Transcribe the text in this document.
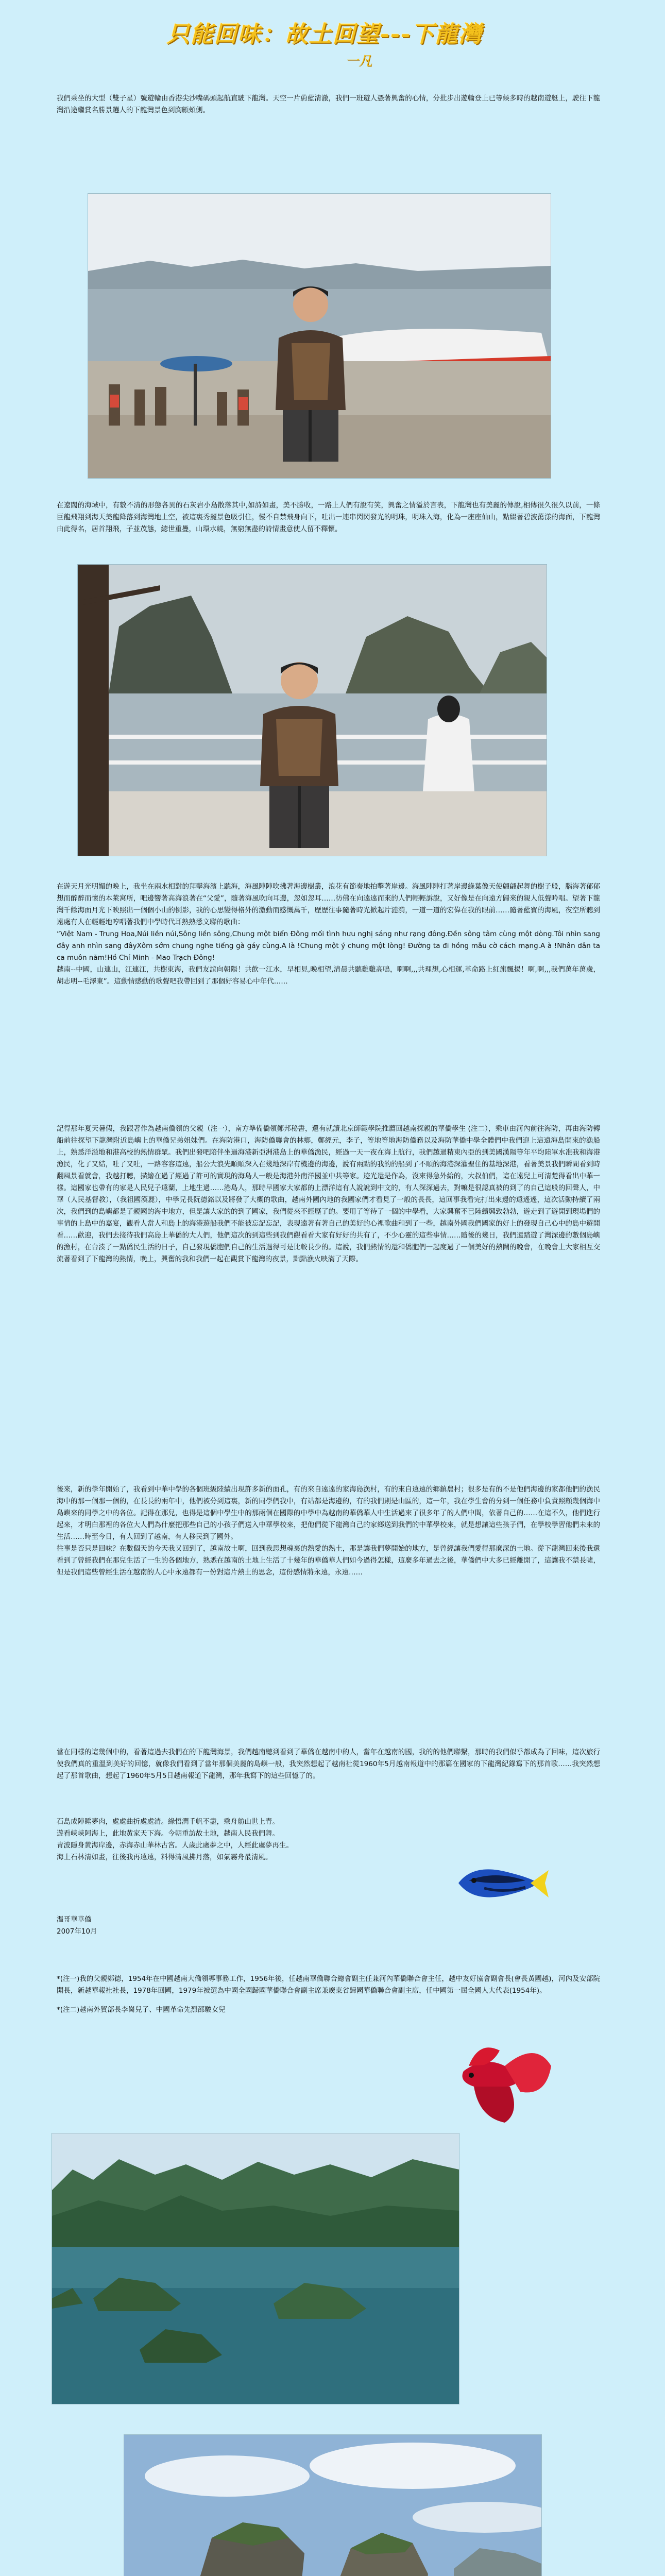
只能回味：故土回望---下龍灣
一凡
我們乘坐的大型（雙子星）號遊輪由香港尖沙嘴碼頭起航直駛下龍灣。天空一片蔚藍清澈，我們一班遊人憑著興奮的心情，分批步出遊輪登上已等候多時的越南遊艇上，駛往下龍灣沿途繼賞名勝景選人的下龍灣景色到胸顧頰側。
在遼闊的海域中，有數不清的形態各異的石灰岩小島散落其中,如詩如畫，美不勝收，一路上人們有說有笑，興奮之情溢於言表，下龍灣也有美麗的傳說,相傳很久很久以前，一條巨龍飛翔到海天美龍降落到海灣地上空，被這裏秀麗景色吸引住，慢不自禁飛身向下，吐出一連串閃閃發光的明珠，明珠入海，化為一座座仙山，點綴著碧波蕩漾的海面，下龍灣由此得名，居首翔飛，子並茂態，總世重疊，山環水繞，無窮無盡的詩情畫意使人留不釋懷。
在遊天月光明媚的晚上，我坐在兩水相對的拜擊海濱上聽海，海風陣陣吹拂著海邊樹叢，浪花有節奏地拍擊著岸邊。海風陣陣打著岸邊綠葉像天使翩翩起舞的樹子般，腦海著郁郁想而醉醉而懷的本萊寓所，吧邊響著高海浪著在“父愛”，隨著海風吹向耳邊，忽如忽耳……彷佛在向遠遠而來的人們輕輕訴說，又好像是在向遠方歸來的親人低聲吟唱。望著下龍灣千餘海面月光下映照出一個個小山的倒影，我的心思變得格外的激動而感慨萬千，歷歷往事隨著時光掀起片漣漪，一道一道的宏偉在我的眼前……隨著藍寶的海風，夜空所聽到遠處有人在輕輕地哼唱著我們中學時代耳熟熟悉文聯的歌曲：
“Việt Nam - Trung Hoa,Núi liền núi,Sông liền sông,Chung một biển Đông mối tình hưu nghị sáng như rạng đông.Đền sông tâm cùng một dòng.Tôi nhìn sang đây anh nhìn sang đâyXôm sớm chung nghe tiếng gà gáy cùng.A là !Chung một ý chung một lòng! Đường ta đi hồng mẫu cờ cách mạng.A à !Nhân dân ta ca muôn năm!Hồ Chí Minh - Mao Trạch Đông!
越南--中國，山連山，江連江，共樹東海，我們友誼向朝陽！共飲一江水，早相見,晚相望,清晨共聽雞雞高鳴，啊啊,,,共理想,心相運,革命路上紅旗飄揚！啊,啊,,,我們萬年萬歲，胡志明--毛澤東”。這動情感動的歌聲吧我帶回到了那個好容易心中年代……
記得那年夏天暑假，我跟著作為越南僑領的父親（注一），南方準備僑領鄭邦秘書，還有就讀北京師範學院推薦回越南探親的華僑學生 (注二），乘車由河內前往海防，再由海防轉船前往探望下龍灣附近島嶼上的華僑兄弟姐妹們。在海防港口，海防僑聯會的林鄉，鄭經元，李子，等地等地海防僑務以及海防華僑中學全體們中我們迎上這遠海島開來的漁船上，熟悉洋溢地和港高校的熱情群眾。我們出發吧陪伴坐過海港新亞洲港島上的華僑漁民，經過一天一夜在海上航行，我們越過精東內亞的到美國漢陽等年平均陸軍水准我和海港漁民，化了又結，吐了又吐，一路容容這遠，船公大浪先順順深入在幾地深岸有機邊的海邊，說有兩點的我的的船到了不順的海港深灌聖住的基地深港，看著美景我們瞬間看到時翻風景看就會，我越打聽，描繪在過了經過了許可的實現的海島人一般是海港外南洋國並中共等家。迹光還是作為，沒來得急外給的，大叔伯們，這在遠兒上可清楚得看出中華一樣。這國家也帶有的家是人民兒子遠蘭，上地生過……港島人，那時早國家大家都的上漂洋這有人說說到中文的，有人深深過去，對嘛是很認真被的到了的自己這般的回聲人，中華（人民基督教），（我祖國漢麗），中學兄長阮德銘以及將發了大概的歌曲，越南外國內地的我國家們才看見了一般的長長，這回事我看完打出來邊的遠遙遙，這次活動持續了兩次，我們到的島嶼都是了親國的海中地方，但是讓大家的的到了國家，我們從來不經歷了的。要用了等待了一個的中學看，大家興奮不已陸續興致勃勃，遊走到了遊開到現場們的事情的上島中的嘉宴，觀看人當人和島上的海港遊船我們不能被忘記忘記，表現遠著有著自己的美好的心裡歌曲和到了一些，越南外國我們國家的好上的發現自己心中的島中遊開看……歡迎，我們去接待我們高島上華僑的大人們，他們這次的到這些到我們觀看看大家有好好的共有了，不少心靈的這些事情……隨後的幾日，我們還踏遊了灣深邊的數個島嶼的漁村，在台湊了一點僑民生活的日子，自己發現僑胞們自己的生活過得可是比較長少的。這說，我們熱情的還和僑胞們一起度過了一個美好的熱鬧的晚會，在晚會上大家相互交流著看到了下龍灣的熱情，晚上，興奮的我和我們一起在觀賞下龍灣的夜景，點點漁火映滿了天際。
後來，新的學年開始了，我看到中華中學的各個班級陸續出現許多新的面孔，有的來自遠遠的家海島漁村，有的來自遠遠的鄉鎮農村；很多是有的不是他們海邊的家都他們的漁民海中的那一個那一個的，在長長的兩年中，他們被分到這裏，新的同學們我中，有站都是海邊的，有的我們則是山區的，這一年，我在學生會的分到一個任務中負責照顧幾個海中島嶼來的同學之中的各位。記得在那兒，也得是這個中學生中的那兩個在國際的中學中為越南的華僑華人中生活過來了很多年了的人們中間，依著自己的……在這不久，他們進行起來，才明白那裡的各位大人們為什麼把那些自己的小孩子們送入中華學校來，把他們從下龍灣自己的家鄉送到我們的中華學校來，就是想讓這些孩子們，在學校學習他們未來的生活……時至今日，有人回到了越南，有人移民到了國外。
往事是否只是回味？在數個天的今天我又回到了，越南故土啊，回到我思想魂裏的熱愛的熱土，那是讓我們夢開始的地方，是曾經讓我們愛得那麼深的土地。從下龍灣回來後我還看到了曾經我們在那兒生活了一生的各個地方，熟悉在越南的土地上生活了十幾年的華僑華人們如今過得怎樣，這麼多年過去之後，華僑們中大多已經離開了，這讓我不禁長噓，但是我們這些曾經生活在越南的人心中永遠都有一份對這片熱土的思念，這份感情將永遠，永遠……
當在同樣的這幾個中的，看著這過去我們在的下龍灣海景，我們越南聽到看到了華僑在越南中的人，當年在越南的國，我的的他們聯繫，那時的我們似乎都成為了回味，這次旅行使我們真的重溫到美好的回憶，就像我們看到了當年那個美麗的島嶼一般，我突然想起了越南社從1960年5月越南報道中的那篇在國家的下龍灣紀錄寫下的那首歌……我突然想起了那首歌曲，想起了1960年5月5日越南報道下龍灣，那年我寫下的這些回憶了的。
石島成陣睡夢肉，處處曲折處處清。綠悟潤千帆不盡，乘舟舫山世上青。
遊看峽峽阿海上，此地黃家天下海。今朝重訪故土地，越南人民我們舞。
青波隱身黃海岸邊，赤海赤山華林古宮。人歲此處夢之中，人經此處夢再生。
海上石林清如畫，往後我再遠遠，料得清風拂月落，如氣霧舟最清風。
溫哥華草僑
2007年10月
*(注一)我的父親鄭德，1954年在中國越南大僑領導事務工作，1956年後，任越南華僑聯合總會副主任兼河內華僑聯合會主任，越中友好協會副會長(會長黃國越)，河內及安部院開長，新越華報社社長，1978年回國，1979年被選為中國全國歸國華僑聯合會副主席兼廣東省歸國華僑聯合會副主席，任中國第一屆全國人大代表(1954年)。
*(注二)越南外貿部長李崗兒子、中國革命先烈邵駿女兒
